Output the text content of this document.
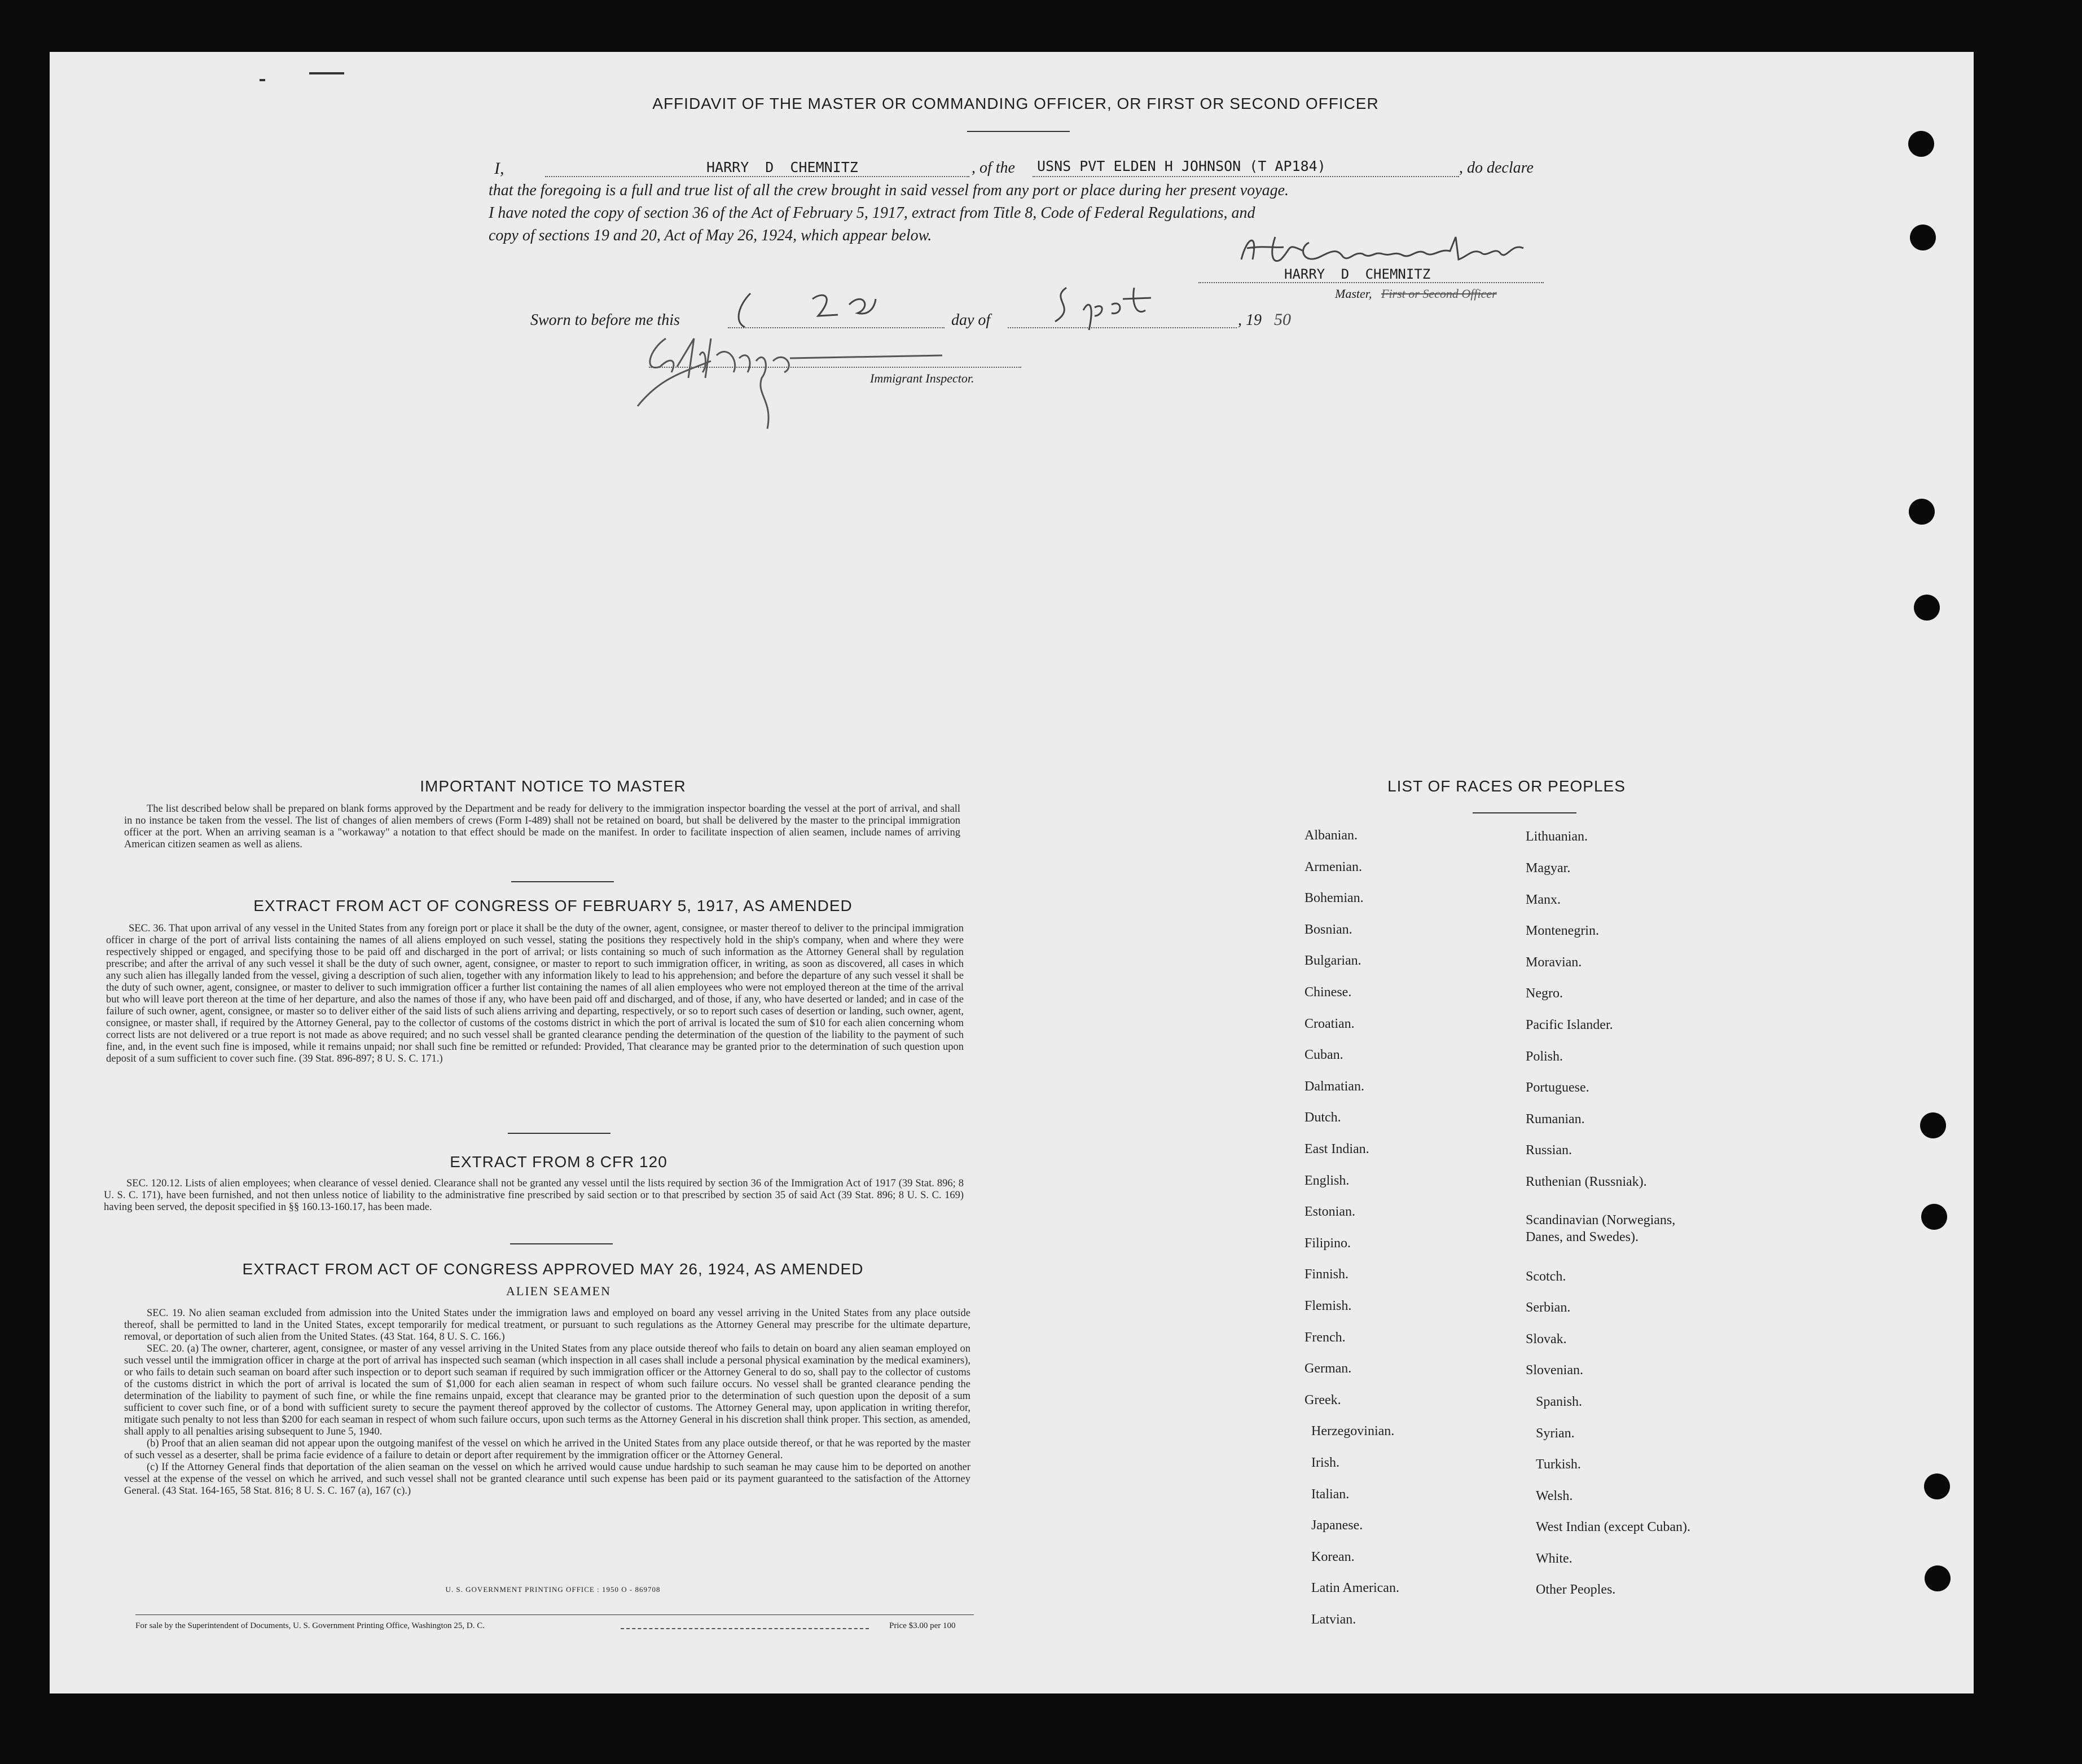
AFFIDAVIT OF THE MASTER OR COMMANDING OFFICER, OR FIRST OR SECOND OFFICER
I,	HARRY D CHEMNITZ	, of the USNS PVT ELDEN H JOHNSON (T AP184)	, do declare
that the foregoing is a full and true list of all the crew brought in said vessel from any port or place during her present voyage.
I have noted the copy of section 36 of the Act of February 5, 1917, extract from Title 8, Code of Federal Regulations, and
copy of sections 19 and 20, Act of May 26, 1924, which appear below.
HARRY D CHEMNITZ
Master, First or Second Officer
Sworn to before me this	day of	, 19 50
Immigrant Inspector.
IMPORTANT NOTICE TO MASTER

The list described below shall be prepared on blank forms approved by the Department and be ready for delivery to the immigration inspector boarding the vessel at the port of arrival, and shall in no instance be taken from the vessel. The list of changes of alien members of crews (Form I-489) shall not be retained on board, but shall be delivered by the master to the principal immigration officer at the port. When an arriving seaman is a "workaway" a notation to that effect should be made on the manifest. In order to facilitate inspection of alien seamen, include names of arriving American citizen seamen as well as aliens.

EXTRACT FROM ACT OF CONGRESS OF FEBRUARY 5, 1917, AS AMENDED

SEC. 36. That upon arrival of any vessel in the United States from any foreign port or place it shall be the duty of the owner, agent, consignee, or master thereof to deliver to the principal immigration officer in charge of the port of arrival lists containing the names of all aliens employed on such vessel, stating the positions they respectively hold in the ship's company, when and where they were respectively shipped or engaged, and specifying those to be paid off and discharged in the port of arrival; or lists containing so much of such information as the Attorney General shall by regulation prescribe; and after the arrival of any such vessel it shall be the duty of such owner, agent, consignee, or master to report to such immigration officer, in writing, as soon as discovered, all cases in which any such alien has illegally landed from the vessel, giving a description of such alien, together with any information likely to lead to his apprehension; and before the departure of any such vessel it shall be the duty of such owner, agent, consignee, or master to deliver to such immigration officer a further list containing the names of all alien employees who were not employed thereon at the time of the arrival but who will leave port thereon at the time of her departure, and also the names of those if any, who have been paid off and discharged, and of those, if any, who have deserted or landed; and in case of the failure of such owner, agent, consignee, or master so to deliver either of the said lists of such aliens arriving and departing, respectively, or so to report such cases of desertion or landing, such owner, agent, consignee, or master shall, if required by the Attorney General, pay to the collector of customs of the costoms district in which the port of arrival is located the sum of $10 for each alien concerning whom correct lists are not delivered or a true report is not made as above required; and no such vessel shall be granted clearance pending the determination of the question of the liability to the payment of such fine, and, in the event such fine is imposed, while it remains unpaid; nor shall such fine be remitted or refunded: Provided, That clearance may be granted prior to the determination of such question upon deposit of a sum sufficient to cover such fine. (39 Stat. 896-897; 8 U. S. C. 171.)

EXTRACT FROM 8 CFR 120

SEC. 120.12. Lists of alien employees; when clearance of vessel denied. Clearance shall not be granted any vessel until the lists required by section 36 of the Immigration Act of 1917 (39 Stat. 896; 8 U. S. C. 171), have been furnished, and not then unless notice of liability to the administrative fine prescribed by said section or to that prescribed by section 35 of said Act (39 Stat. 896; 8 U. S. C. 169) having been served, the deposit specified in §§ 160.13-160.17, has been made.

EXTRACT FROM ACT OF CONGRESS APPROVED MAY 26, 1924, AS AMENDED
ALIEN SEAMEN

SEC. 19. No alien seaman excluded from admission into the United States under the immigration laws and employed on board any vessel arriving in the United States from any place outside thereof, shall be permitted to land in the United States, except temporarily for medical treatment, or pursuant to such regulations as the Attorney General may prescribe for the ultimate departure, removal, or deportation of such alien from the United States. (43 Stat. 164, 8 U. S. C. 166.)

SEC. 20. (a) The owner, charterer, agent, consignee, or master of any vessel arriving in the United States from any place outside thereof who fails to detain on board any alien seaman employed on such vessel until the immigration officer in charge at the port of arrival has inspected such seaman (which inspection in all cases shall include a personal physical examination by the medical examiners), or who fails to detain such seaman on board after such inspection or to deport such seaman if required by such immigration officer or the Attorney General to do so, shall pay to the collector of customs of the customs district in which the port of arrival is located the sum of $1,000 for each alien seaman in respect of whom such failure occurs. No vessel shall be granted clearance pending the determination of the liability to payment of such fine, or while the fine remains unpaid, except that clearance may be granted prior to the determination of such question upon the deposit of a sum sufficient to cover such fine, or of a bond with sufficient surety to secure the payment thereof approved by the collector of customs. The Attorney General may, upon application in writing therefor, mitigate such penalty to not less than $200 for each seaman in respect of whom such failure occurs, upon such terms as the Attorney General in his discretion shall think proper. This section, as amended, shall apply to all penalties arising subsequent to June 5, 1940.

(b) Proof that an alien seaman did not appear upon the outgoing manifest of the vessel on which he arrived in the United States from any place outside thereof, or that he was reported by the master of such vessel as a deserter, shall be prima facie evidence of a failure to detain or deport after requirement by the immigration officer or the Attorney General.

(c) If the Attorney General finds that deportation of the alien seaman on the vessel on which he arrived would cause undue hardship to such seaman he may cause him to be deported on another vessel at the expense of the vessel on which he arrived, and such vessel shall not be granted clearance until such expense has been paid or its payment guaranteed to the satisfaction of the Attorney General. (43 Stat. 164-165, 58 Stat. 816; 8 U. S. C. 167 (a), 167 (c).)

U. S. GOVERNMENT PRINTING OFFICE : 1950 O - 869708
For sale by the Superintendent of Documents, U. S. Government Printing Office, Washington 25, D. C.	Price $3.00 per 100
LIST OF RACES OR PEOPLES
Albanian.
Armenian.
Bohemian.
Bosnian.
Bulgarian.
Chinese.
Croatian.
Cuban.
Dalmatian.
Dutch.
East Indian.
English.
Estonian.
Filipino.
Finnish.
Flemish.
French.
German.
Greek.
Herzegovinian.
Irish.
Italian.
Japanese.
Korean.
Latin American.
Latvian.
Lithuanian.
Magyar.
Manx.
Montenegrin.
Moravian.
Negro.
Pacific Islander.
Polish.
Portuguese.
Rumanian.
Russian.
Ruthenian (Russniak).
Scandinavian (Norwegians,
Danes, and Swedes).
Scotch.
Serbian.
Slovak.
Slovenian.
Spanish.
Syrian.
Turkish.
Welsh.
West Indian (except Cuban).
White.
Other Peoples.
